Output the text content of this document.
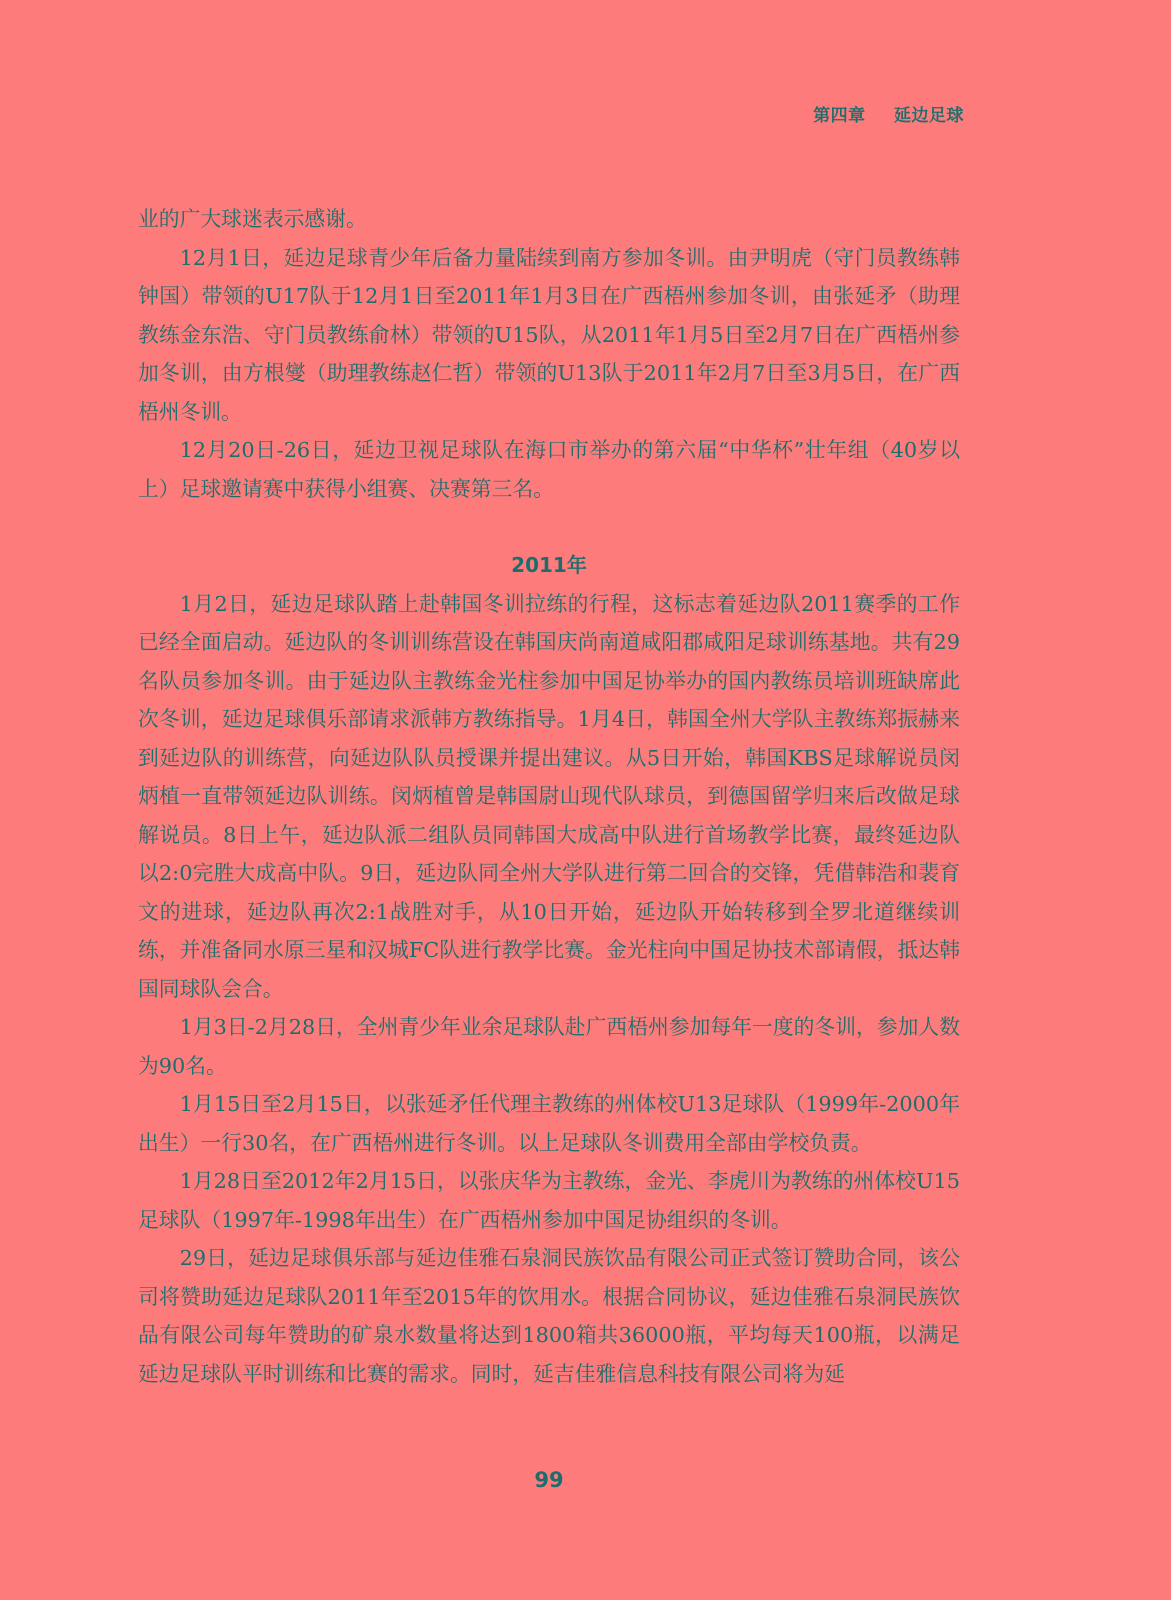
第四章 延边足球

业的广大球迷表示感谢。

12月1日，延边足球青少年后备力量陆续到南方参加冬训。由尹明虎（守门员教练韩钟国）带领的U17队于12月1日至2011年1月3日在广西梧州参加冬训，由张延矛（助理教练金东浩、守门员教练俞林）带领的U15队，从2011年1月5日至2月7日在广西梧州参加冬训，由方根燮（助理教练赵仁哲）带领的U13队于2011年2月7日至3月5日，在广西梧州冬训。

12月20日-26日，延边卫视足球队在海口市举办的第六届“中华杯”壮年组（40岁以上）足球邀请赛中获得小组赛、决赛第三名。

2011年

1月2日，延边足球队踏上赴韩国冬训拉练的行程，这标志着延边队2011赛季的工作已经全面启动。延边队的冬训训练营设在韩国庆尚南道咸阳郡咸阳足球训练基地。共有29名队员参加冬训。由于延边队主教练金光柱参加中国足协举办的国内教练员培训班缺席此次冬训，延边足球俱乐部请求派韩方教练指导。1月4日，韩国全州大学队主教练郑振赫来到延边队的训练营，向延边队队员授课并提出建议。从5日开始，韩国KBS足球解说员闵炳植一直带领延边队训练。闵炳植曾是韩国尉山现代队球员，到德国留学归来后改做足球解说员。8日上午，延边队派二组队员同韩国大成高中队进行首场教学比赛，最终延边队以2:0完胜大成高中队。9日，延边队同全州大学队进行第二回合的交锋，凭借韩浩和裴育文的进球，延边队再次2:1战胜对手，从10日开始，延边队开始转移到全罗北道继续训练，并准备同水原三星和汉城FC队进行教学比赛。金光柱向中国足协技术部请假，抵达韩国同球队会合。

1月3日-2月28日，全州青少年业余足球队赴广西梧州参加每年一度的冬训，参加人数为90名。

1月15日至2月15日，以张延矛任代理主教练的州体校U13足球队（1999年-2000年出生）一行30名，在广西梧州进行冬训。以上足球队冬训费用全部由学校负责。

1月28日至2012年2月15日，以张庆华为主教练，金光、李虎川为教练的州体校U15足球队（1997年-1998年出生）在广西梧州参加中国足协组织的冬训。

29日，延边足球俱乐部与延边佳雅石泉洞民族饮品有限公司正式签订赞助合同，该公司将赞助延边足球队2011年至2015年的饮用水。根据合同协议，延边佳雅石泉洞民族饮品有限公司每年赞助的矿泉水数量将达到1800箱共36000瓶，平均每天100瓶，以满足延边足球队平时训练和比赛的需求。同时，延吉佳雅信息科技有限公司将为延

99
